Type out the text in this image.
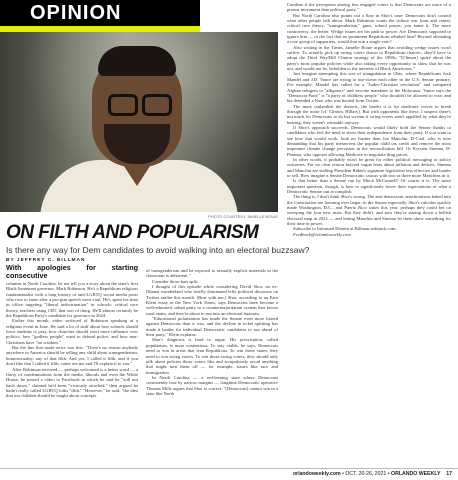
OPINION
PHOTO COURTESY JAMELLE BOUIE
ON FILTH AND POPULARISM
Is there any way for Dem candidates to avoid walking into an electoral buzzsaw?
BY JEFFREY C. BILLMAN
With apologies for starting consecutive

columns in North Carolina, let me tell you a story about the state's first Black lieutenant governor, Mark Robinson. He's a Republican religious fundamentalist with a long history of anti-LGBTQ social media posts who rose to fame after a pro-gun speech went viral. He's spent his time in office targeting "liberal indoctrination" in schools: critical race theory, teachers using CRT, that sort of thing. He'll almost certainly be the Republican Party's candidate for governor in 2024.

Earlier this month, video surfaced of Robinson speaking at a religious event in June. He said a lot of stuff about how schools should force students to pray, how churches should exert more influence over politics, how "godless people" want to defund police, and how non-Christians have "no wisdom."

But the line that made news was this: "There's no reason anybody anywhere in America should be telling any child about transgenderism, homosexuality, any of that filth. And yes, I called it filth, and if you don't like that I called it filth, come see me and I'll explain it to you."

After Robinson received — perhaps welcomed is a better word — a flurry of condemnations from the media, liberals and even the White House, he posted a video to Facebook in which he said he "will not back down," claimed he'd been "viciously attacked," then argued he hadn't really called LGBTQ folks "filth." "However," he said, "the idea that our children should be taught about concepts

of transgenderism and be exposed to sexually explicit materials in the classroom is abhorrent."

Consider those bars split.

I thought of this episode while considering David Shor, an ex-Obama wunderkind who briefly dominated lefty political discourse on Twitter earlier this month. (Bear with me.) Shor, according to an Ezra Klein essay in the New York Times, says Democrats have become a well-educated, urban party in a countermajoritarian system that favors rural states, and they're about to run into an electoral buzzsaw.

"Educational polarization has made the Senate even more biased against Democrats than it was, and the decline in ticket splitting has made it harder for individual Democratic candidates to run ahead of their party," Klein explains.

Shor's diagnosis is hard to argue. His prescription, called popularism, is more contentious. To stay viable, he says, Democrats need to win in areas that lean Republican. To win those states, they need to win swing voters. To win those swing voters, they should only talk about policies those voters like and scrupulously avoid anything that might turn them off — for example, issues like race and immigration.

In North Carolina — a red-leaning state where Democrats consistently lose by narrow margins — longtime Democratic operative Thomas Mills argues that Shor is correct: "[Democrats] cannot win in a state like North

Carolina if the perception among less engaged voters is that Democrats are more of a protest movement than political party."

But North Carolina also points out a flaw in Shor's case: Democrats don't control what other people talk about. Mark Robinson wants the culture war front and center, critical race theory, "transgenderism," guns, school prayer, you name it. The more controversy, the better. Wedge issues are his path to power. Are Democrats supposed to ignore him — or the fact that no prominent Republican rebuked him? Beyond alienating a core group of supporters, would that win a single vote?

Also writing in the Times, Jamelle Bouie argues that avoiding wedge issues won't suffice. To actually pick up swing voters drawn to Republican rhetoric, they'd have to adopt the Third Way/Bill Clinton strategy of the 1990s: "[Clinton] spoke about the party's most popular policies while also taking every opportunity to show that he was not, and would not be, beholden to the interests of Black Americans."

Just imagine attempting this sort of triangulation in Ohio, where Republicans Josh Mandel and J.D. Vance are trying to out-clown each other in the U.S. Senate primary. For example: Mandel has called for a "Judeo-Christian revolution" and compared Afghan refugees to "alligators" and vaccine mandates to the Holocaust. Vance says the "Democrat Party" is "a party of childless people" who shouldn't be allowed to vote, and his defended a Nazi who was booted from Twitter.

The more outlandish the rhetoric, the harder it is for moderate voices to break through the noise (cf. Clinton, Hillary). But with opponents like these, I suspect there's not much for Democrats to do but scream if swing voters aren't appalled by what they're hearing, they weren't winnable anyway.

If Shor's approach succeeds, Democrats would likely hold the Senate thanks to candidates who feel the need to show their independence from their party. If you want to see how that would work, look no further than Joe Manchin. D-Coal, who is now demanding that his party means-test the popular child tax credit and remove the most important climate change provision in the reconciliation bill. Or Kyrsten Sinema, D-Pharma, who opposes allowing Medicare to negotiate drug prices.

In other words, it probably won't be great for either political messaging or policy outcomes. For no clear reason beyond vague fears about inflation and deficits, Sinema and Manchin are stalling President Biden's signature legislation less effective and harder to sell. How imagine a Senate Democratic caucus with two or three more Manchins in it.

Is that better than a Senate run by Mitch McConnell? Of course it is. The more important question, though, is how to significantly lower their expectations of what a Democratic Senate can accomplish.

The thing is, I don't think Shor's wrong. The anti-democratic anachronisms baked into the Constitution are looming ever larger, in the Senate especially. Shor's calculus quickly made Washington, D.C., and Puerto Rico states this year, perhaps they could bet on sweeping the four new seats. But they didn't, and now they're staring down a hellish electoral map in 2022 — and letting Manchin and Sinema let them show something for their time in power.

Subscribe to Informed Dissent at Billman.substack.com,

Feedback@orlandoweekly.com

orlandoweekly.com • OCT. 20-26, 2021 • ORLANDO WEEKLY 17
